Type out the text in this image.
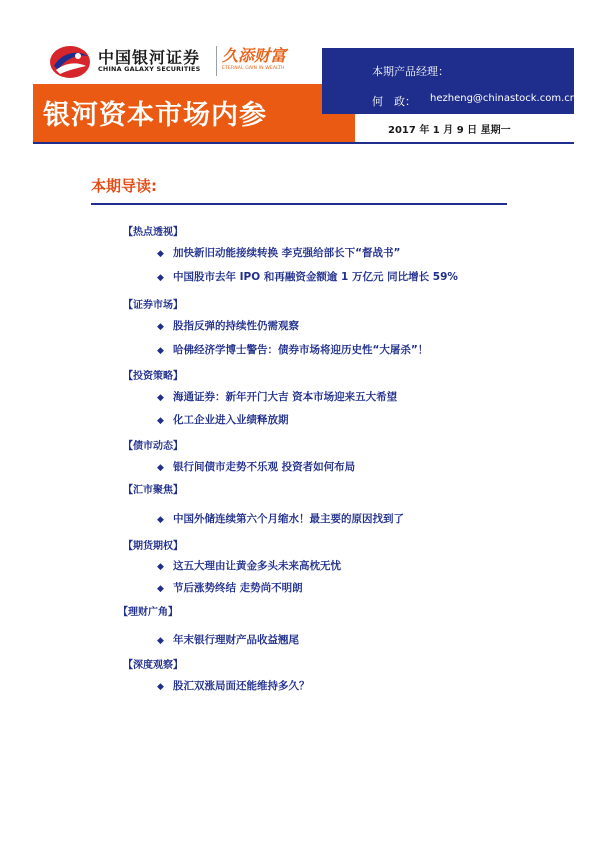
中国银河证券
CHINA GALAXY SECURITIES
久添财富
ETERNAL GAIN IN WEALTH
银河资本市场内参
本期产品经理：
何　政： hezheng@chinastock.com.cn
2017 年 1 月 9 日 星期一
本期导读:
【热点透视】
◆ 加快新旧动能接续转换 李克强给部长下“督战书”
◆ 中国股市去年 IPO 和再融资金额逾 1 万亿元 同比增长 59%
【证券市场】
◆ 股指反弹的持续性仍需观察
◆ 哈佛经济学博士警告：债券市场将迎历史性“大屠杀”！
【投资策略】
◆ 海通证券：新年开门大吉 资本市场迎来五大希望
◆ 化工企业进入业绩释放期
【债市动态】
◆ 银行间债市走势不乐观 投资者如何布局
【汇市聚焦】
◆ 中国外储连续第六个月缩水！最主要的原因找到了
【期货期权】
◆ 这五大理由让黄金多头未来高枕无忧
◆ 节后涨势终结 走势尚不明朗
【理财广角】
◆ 年末银行理财产品收益翘尾
【深度观察】
◆ 股汇双涨局面还能维持多久？
